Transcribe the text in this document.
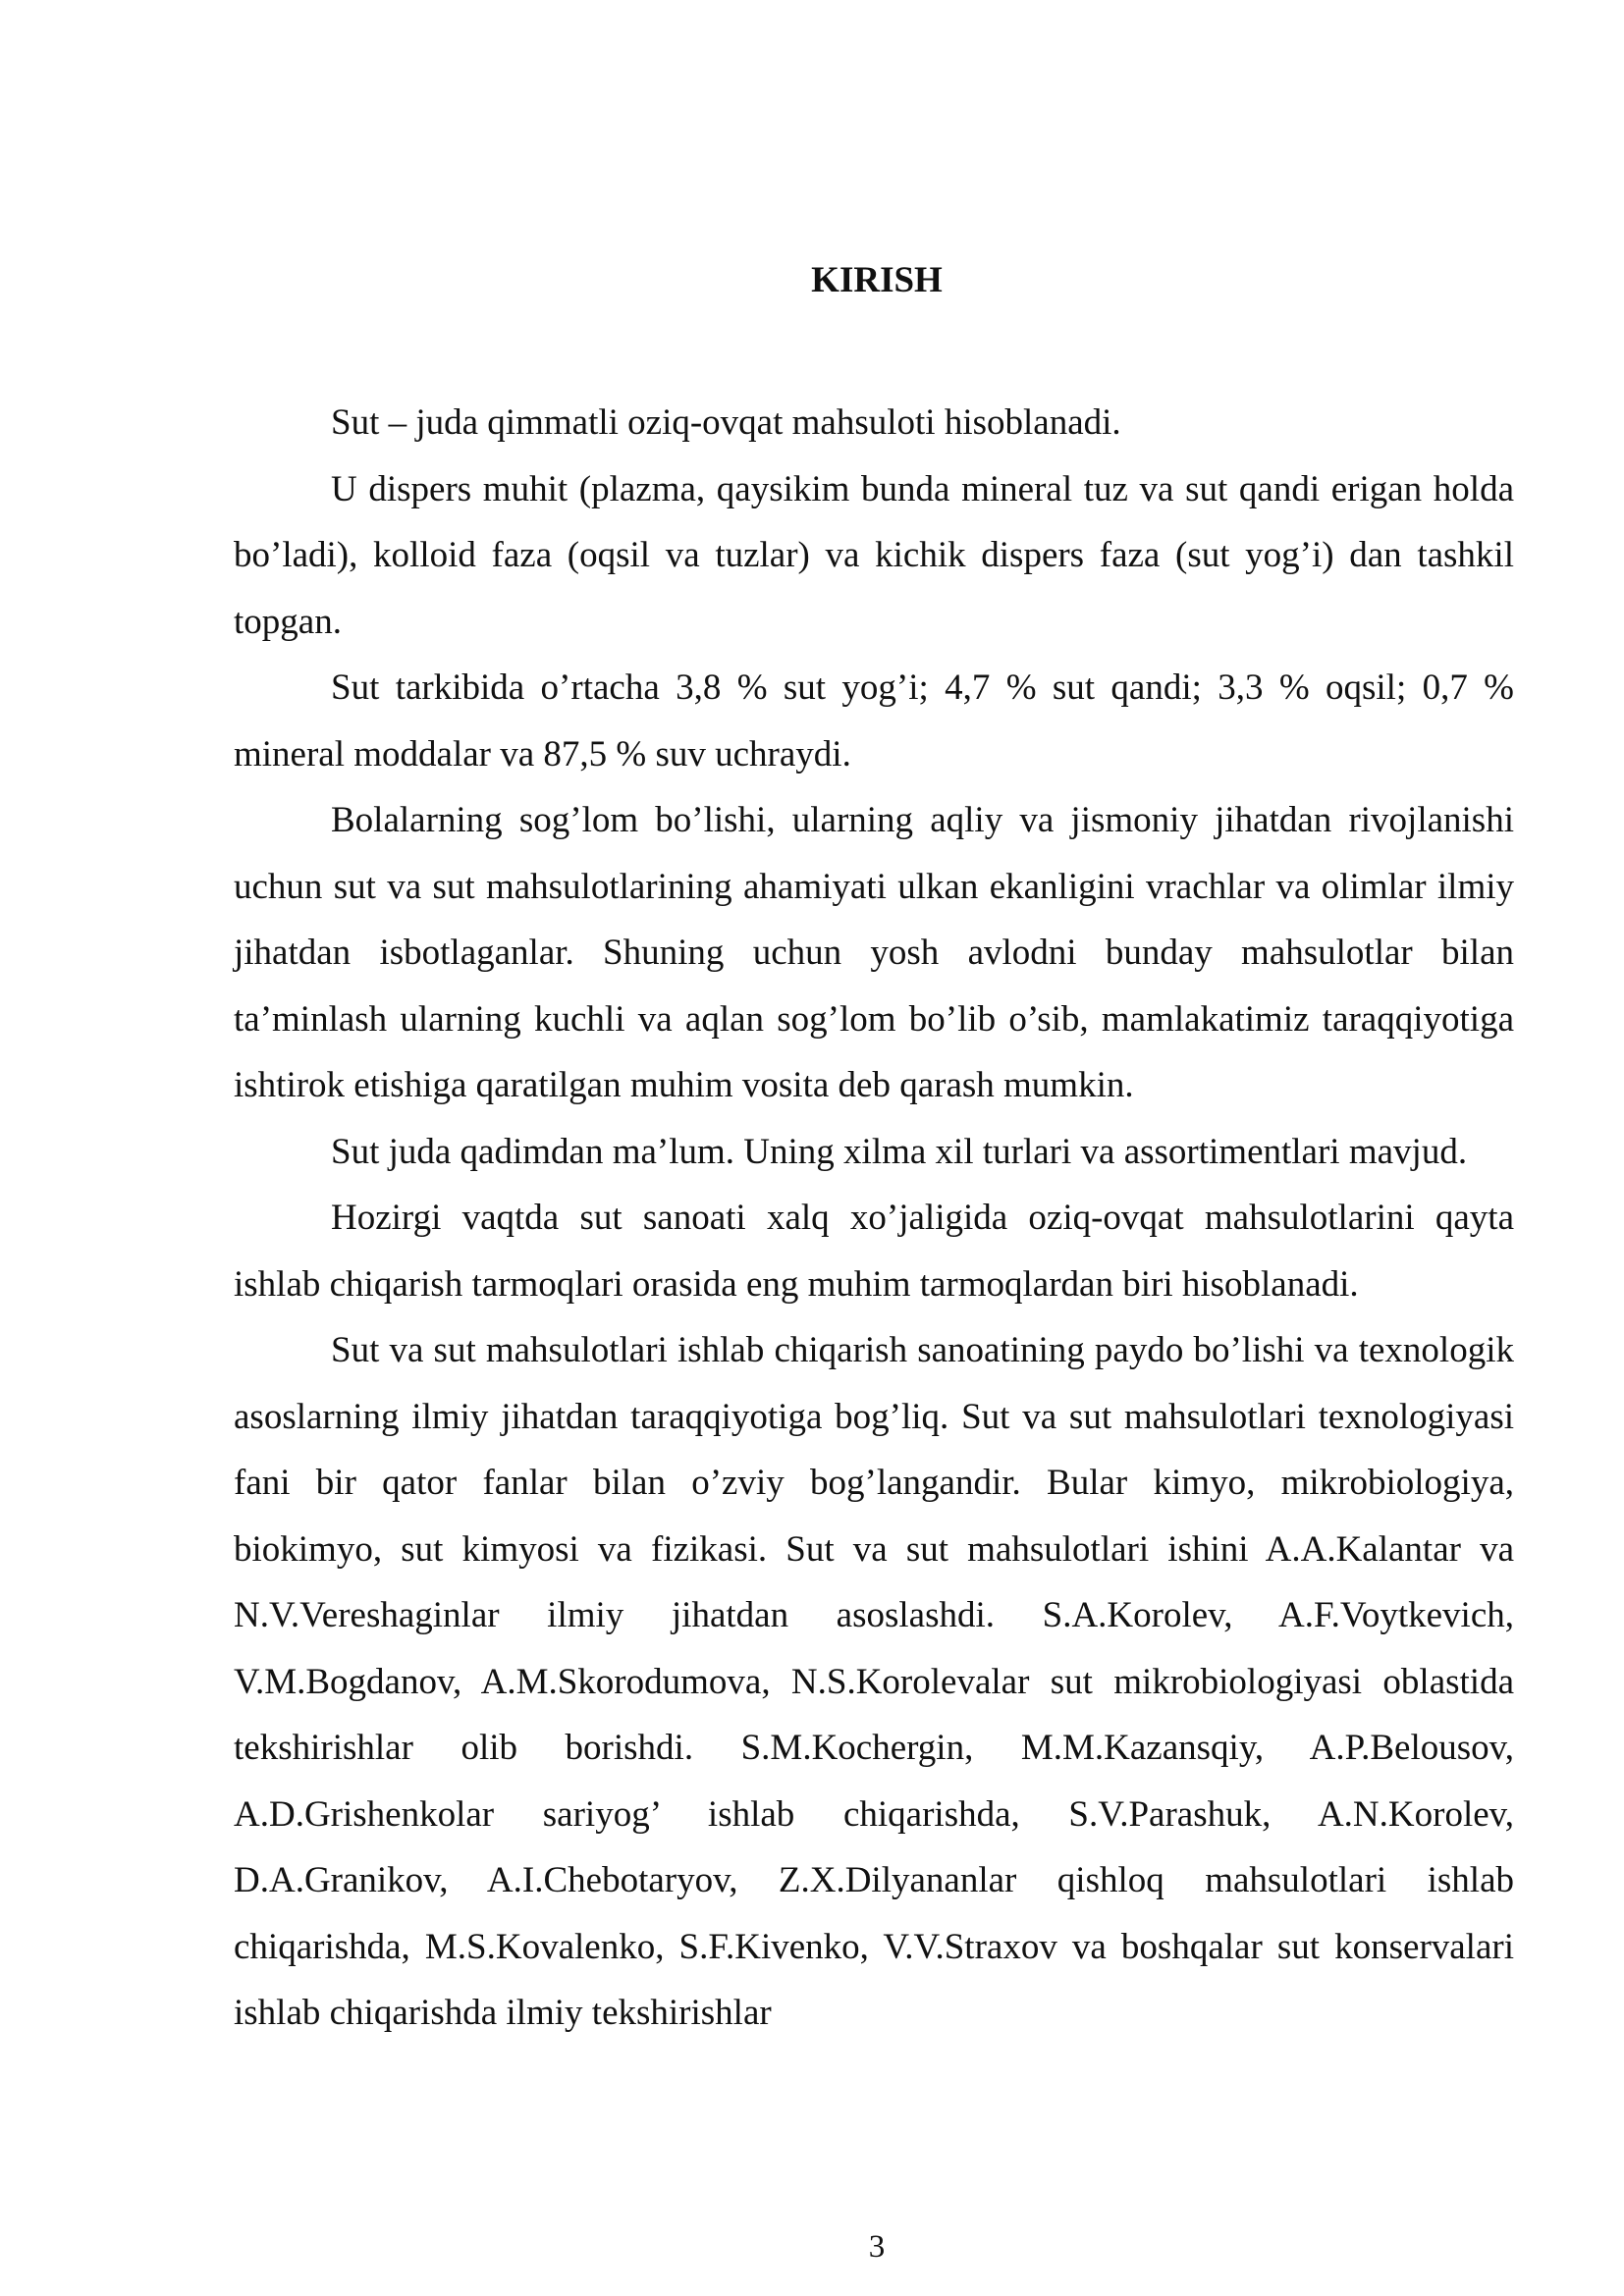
KIRISH

Sut – juda qimmatli oziq-ovqat mahsuloti hisoblanadi.

U dispers muhit (plazma, qaysikim bunda mineral tuz va sut qandi erigan holda bo’ladi), kolloid faza (oqsil va tuzlar) va kichik dispers faza (sut yog’i) dan tashkil topgan.

Sut tarkibida o’rtacha 3,8 % sut yog’i; 4,7 % sut qandi; 3,3 % oqsil; 0,7 % mineral moddalar va 87,5 % suv uchraydi.

Bolalarning sog’lom bo’lishi, ularning aqliy va jismoniy jihatdan rivojlanishi uchun sut va sut mahsulotlarining ahamiyati ulkan ekanligini vrachlar va olimlar ilmiy jihatdan isbotlaganlar. Shuning uchun yosh avlodni bunday mahsulotlar bilan ta’minlash ularning kuchli va aqlan sog’lom bo’lib o’sib, mamlakatimiz taraqqiyotiga ishtirok etishiga qaratilgan muhim vosita deb qarash mumkin.

Sut juda qadimdan ma’lum. Uning xilma xil turlari va assortimentlari mavjud.

Hozirgi vaqtda sut sanoati xalq xo’jaligida oziq-ovqat mahsulotlarini qayta ishlab chiqarish tarmoqlari orasida eng muhim tarmoqlardan biri hisoblanadi.

Sut va sut mahsulotlari ishlab chiqarish sanoatining paydo bo’lishi va texnologik asoslarning ilmiy jihatdan taraqqiyotiga bog’liq. Sut va sut mahsulotlari texnologiyasi fani bir qator fanlar bilan o’zviy bog’langandir. Bular kimyo, mikrobiologiya, biokimyo, sut kimyosi va fizikasi. Sut va sut mahsulotlari ishini A.A.Kalantar va N.V.Vereshaginlar ilmiy jihatdan asoslashdi. S.A.Korolev, A.F.Voytkevich, V.M.Bogdanov, A.M.Skorodumova, N.S.Korolevalar sut mikrobiologiyasi oblastida tekshirishlar olib borishdi. S.M.Kochergin, M.M.Kazansqiy, A.P.Belousov, A.D.Grishenkolar sariyog’ ishlab chiqarishda, S.V.Parashuk, A.N.Korolev, D.A.Granikov, A.I.Chebotaryov, Z.X.Dilyananlar qishloq mahsulotlari ishlab chiqarishda, M.S.Kovalenko, S.F.Kivenko, V.V.Straxov va boshqalar sut konservalari ishlab chiqarishda ilmiy tekshirishlar

3
